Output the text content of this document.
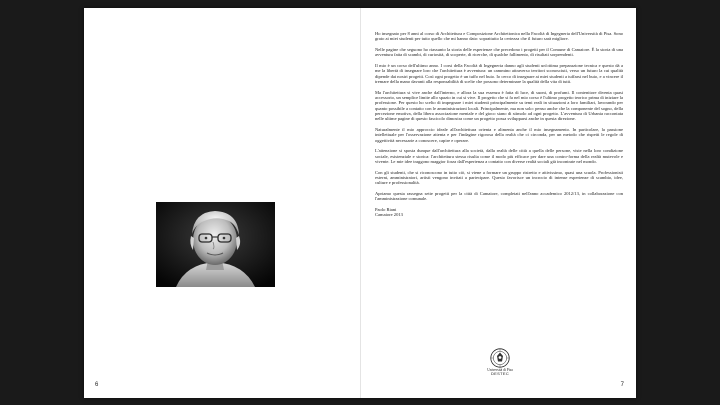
Ho insegnato per 8 anni al corso di Architettura e Composizione Architettonica nella Facoltà di Ingegneria dell'Università di Pisa. Sono grato ai miei studenti per tutto quello che mi hanno dato: soprattutto la certezza che il futuro sarà migliore.

Nelle pagine che seguono ho riassunto la storia delle esperienze che precedono i progetti per il Comune di Camaiore. È la storia di una avventura fatta di scambi, di curiosità, di scoperte, di ricerche, di qualche fallimento, di risultati sorprendenti.

Il mio è un corso dell'ultimo anno. I corsi della Facoltà di Ingegneria danno agli studenti un'ottima preparazione tecnica e questo dà a me la libertà di insegnare loro che l'architettura è avventura: un cammino attraverso territori sconosciuti, verso un futuro la cui qualità dipende dai nostri progetti. Così ogni progetto è un tuffo nel buio. Io cerco di insegnare ai miei studenti a tuffarsi nel buio, e a vincere il tremare della mano davanti alla responsabilità di scelte che possono determinare la qualità della vita di tutti.

Ma l'architettura si vive anche dall'interno, e allora la sua essenza è fatta di luce, di suoni, di profumi. Il contenitore diventa quasi accessorio, un semplice limite allo spazio in cui si vive. Il progetto che si fa nel mio corso è l'ultimo progetto teorico prima di iniziare la professione. Per questo ho scelto di impegnare i miei studenti principalmente su temi reali in situazioni a loro familiari, lavorando per quanto possibile a contatto con le amministrazioni locali. Principalmente, ma non solo: penso anche che la componente del sogno, della percezione emotiva, della libera associazione mentale e del gioco siano di stimolo ad ogni progetto. L'avventura di Urbania raccontata nelle ultime pagine di questo fascicolo dimostra come un progetto possa svilupparsi anche in questa direzione.

Naturalmente il mio approccio ideale all'architettura orienta e alimenta anche il mio insegnamento. In particolare, la passione intellettuale per l'osservazione attenta e per l'indagine rigorosa della realtà che ci circonda, per un metodo che rispetti le regole di oggettività necessarie a conoscere, capire e operare.

L'attenzione si sposta dunque dall'architettura alla società, dalla realtà delle città a quella delle persone, viste nella loro condizione sociale, esistenziale e storica: l'architettura stessa risulta come il modo più efficace per dare una contro-forma della realtà mutevole e vivente. Le mie idee traggono maggior forza dall'esperienza a contatto con diverse realtà sociali già incontrate nel mondo.

Con gli studenti, che si riconoscono in tutto ciò, si viene a formare un gruppo ristretto e attivissimo, quasi una scuola. Professionisti esterni, amministratori, artisti vengono invitati a partecipare. Questo favorisce un incrocio di intense esperienze di scambio, idee, culture e professionalità.

Apriamo questa rassegna sette progetti per la città di Camaiore, completati nell'anno accademico 2012/13, in collaborazione con l'amministrazione comunale.

Paolo Riani
Camaiore 2013
Università di Pisa
DESTEC
6	7
